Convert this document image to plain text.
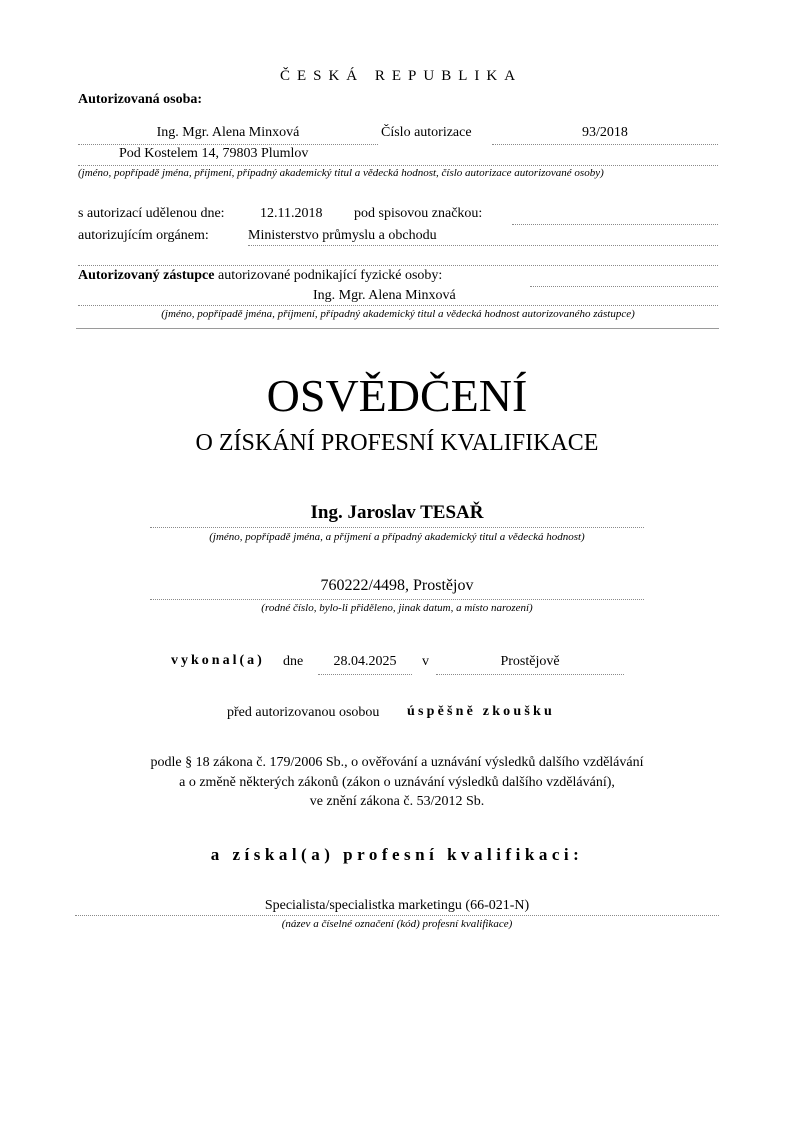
ČESKÁ REPUBLIKA
Autorizovaná osoba:
Ing. Mgr. Alena Minxová	Číslo autorizace	93/2018
Pod Kostelem 14, 79803 Plumlov
(jméno, popřípadě jména, příjmení, případný akademický titul a vědecká hodnost, číslo autorizace autorizované osoby)
s autorizací udělenou dne:	12.11.2018 pod spisovou značkou:
autorizujícím orgánem:	Ministerstvo průmyslu a obchodu
Autorizovaný zástupce autorizované podnikající fyzické osoby:
Ing. Mgr. Alena Minxová
(jméno, popřípadě jména, příjmení, případný akademický titul a vědecká hodnost autorizovaného zástupce)
OSVĚDČENÍ
O ZÍSKÁNÍ PROFESNÍ KVALIFIKACE
Ing. Jaroslav TESAŘ
(jméno, popřípadě jména, a příjmení a případný akademický titul a vědecká hodnost)
760222/4498, Prostějov
(rodné číslo, bylo-li přiděleno, jinak datum, a místo narození)
vykonal(a) dne	28.04.2025	v	Prostějově
před autorizovanou osobou úspěšně zkoušku
podle § 18 zákona č. 179/2006 Sb., o ověřování a uznávání výsledků dalšího vzdělávání
a o změně některých zákonů (zákon o uznávání výsledků dalšího vzdělávání),
ve znění zákona č. 53/2012 Sb.
a získal(a) profesní kvalifikaci:
Specialista/specialistka marketingu (66-021-N)
(název a číselné označení (kód) profesní kvalifikace)
